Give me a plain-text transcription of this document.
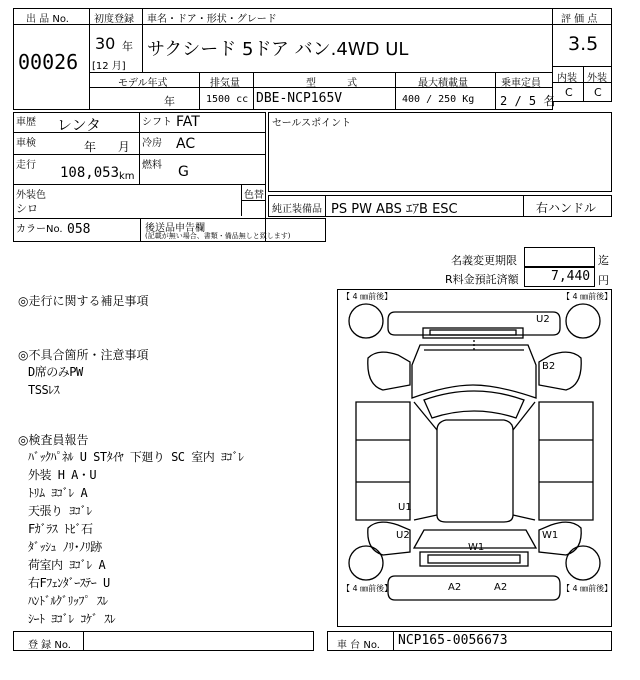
出 品 No.
00026
初度登録 車名・ドア・形状・グレード
30 年
[12 月]
サクシード 5ドア バン.4WD UL
モデル年式	排気量	型 式	最大積載量	乗車定員
年	1500 cc DBE-NCP165V	400 / 250 Kg 2 / 5 名
評 価 点
3.5
内装 外装
C C
車歴 レンタ	シフト FAT
車検	年 月 冷房 AC
走行 108,053 km
燃料 G
外装色
シロ
色替
セールスポイント
純正装備品 PS PW ABS ｴｱB ESC	右ハンドル
カラーNo. 058	後送品申告欄
(記載が無い場合、書類・備品無しと致します)
名義変更期限	迄
R料金預託済額 7,440 円
◎走行に関する補足事項
◎不具合箇所・注意事項
D席のみPW
TSSﾚｽ
◎検査員報告
ﾊﾞｯｸﾊﾟﾈﾙ U STﾀｲﾔ 下廻り SC 室内 ﾖｺﾞﾚ
外装 H A・U
ﾄﾘﾑ ﾖｺﾞﾚ A
天張り ﾖｺﾞﾚ
Fｶﾞﾗｽ ﾄﾋﾞ石
ﾀﾞｯｼｭ ﾉﾘ･ﾉﾘ跡
荷室内 ﾖｺﾞﾚ A
右Fﾌｪﾝﾀﾞｰｽﾃｰ U
ﾊﾝﾄﾞﾙｸﾞﾘｯﾌﾟ ｽﾚ
ｼｰﾄ ﾖｺﾞﾚ ｺｹﾞ ｽﾚ
【 4 ㎜前後】	【 4 ㎜前後】
【 4 ㎜前後】	【 4 ㎜前後】
U2
B2
U1
U2
W1
W1
A2	A2
登 録 No.	車 台 No. NCP165-0056673
